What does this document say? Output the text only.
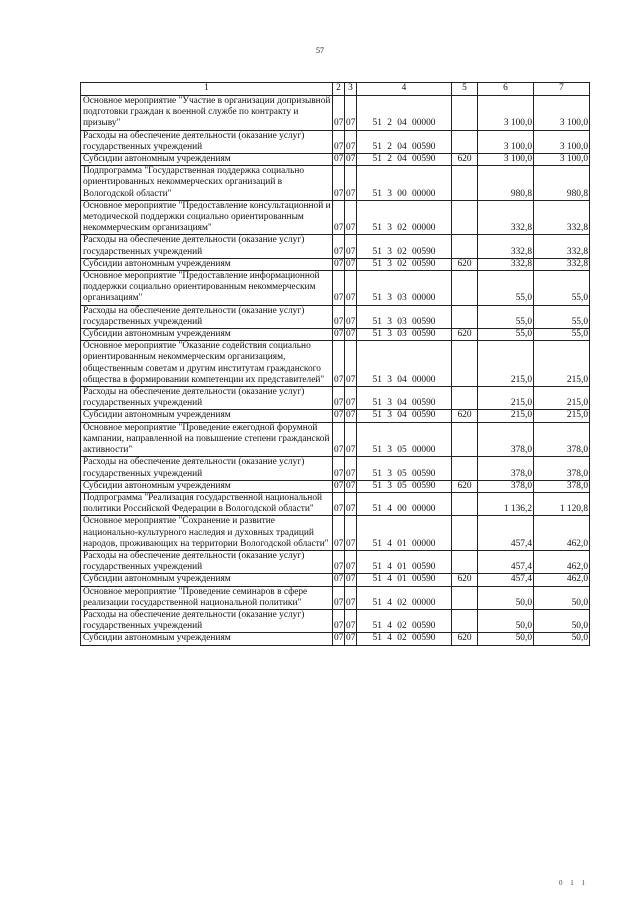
57
1	2	3	4	5	6	7
Основное мероприятие "Участие в организации допризывной подготовки граждан к военной службе по контракту и призыву"	07	07	51 2 04 00000		3 100,0	3 100,0
Расходы на обеспечение деятельности (оказание услуг) государственных учреждений	07	07	51 2 04 00590		3 100,0	3 100,0
Субсидии автономным учреждениям	07	07	51 2 04 00590	620	3 100,0	3 100,0
Подпрограмма "Государственная поддержка социально ориентированных некоммерческих организаций в Вологодской области"	07	07	51 3 00 00000		980,8	980,8
Основное мероприятие "Предоставление консультационной и методической поддержки социально ориентированным некоммерческим организациям"	07	07	51 3 02 00000		332,8	332,8
Расходы на обеспечение деятельности (оказание услуг) государственных учреждений	07	07	51 3 02 00590		332,8	332,8
Субсидии автономным учреждениям	07	07	51 3 02 00590	620	332,8	332,8
Основное мероприятие "Предоставление информационной поддержки социально ориентированным некоммерческим организациям"	07	07	51 3 03 00000		55,0	55,0
Расходы на обеспечение деятельности (оказание услуг) государственных учреждений	07	07	51 3 03 00590		55,0	55,0
Субсидии автономным учреждениям	07	07	51 3 03 00590	620	55,0	55,0
Основное мероприятие "Оказание содействия социально ориентированным некоммерческим организациям, общественным советам и другим институтам гражданского общества в формировании компетенции их представителей"	07	07	51 3 04 00000		215,0	215,0
Расходы на обеспечение деятельности (оказание услуг) государственных учреждений	07	07	51 3 04 00590		215,0	215,0
Субсидии автономным учреждениям	07	07	51 3 04 00590	620	215,0	215,0
Основное мероприятие "Проведение ежегодной форумной кампании, направленной на повышение степени гражданской активности"	07	07	51 3 05 00000		378,0	378,0
Расходы на обеспечение деятельности (оказание услуг) государственных учреждений	07	07	51 3 05 00590		378,0	378,0
Субсидии автономным учреждениям	07	07	51 3 05 00590	620	378,0	378,0
Подпрограмма "Реализация государственной национальной политики Российской Федерации в Вологодской области"	07	07	51 4 00 00000		1 136,2	1 120,8
Основное мероприятие "Сохранение и развитие национально-культурного наследия и духовных традиций народов, проживающих на территории Вологодской области"	07	07	51 4 01 00000		457,4	462,0
Расходы на обеспечение деятельности (оказание услуг) государственных учреждений	07	07	51 4 01 00590		457,4	462,0
Субсидии автономным учреждениям	07	07	51 4 01 00590	620	457,4	462,0
Основное мероприятие "Проведение семинаров в сфере реализации государственной национальной политики"	07	07	51 4 02 00000		50,0	50,0
Расходы на обеспечение деятельности (оказание услуг) государственных учреждений	07	07	51 4 02 00590		50,0	50,0
Субсидии автономным учреждениям	07	07	51 4 02 00590	620	50,0	50,0
0 1 1
